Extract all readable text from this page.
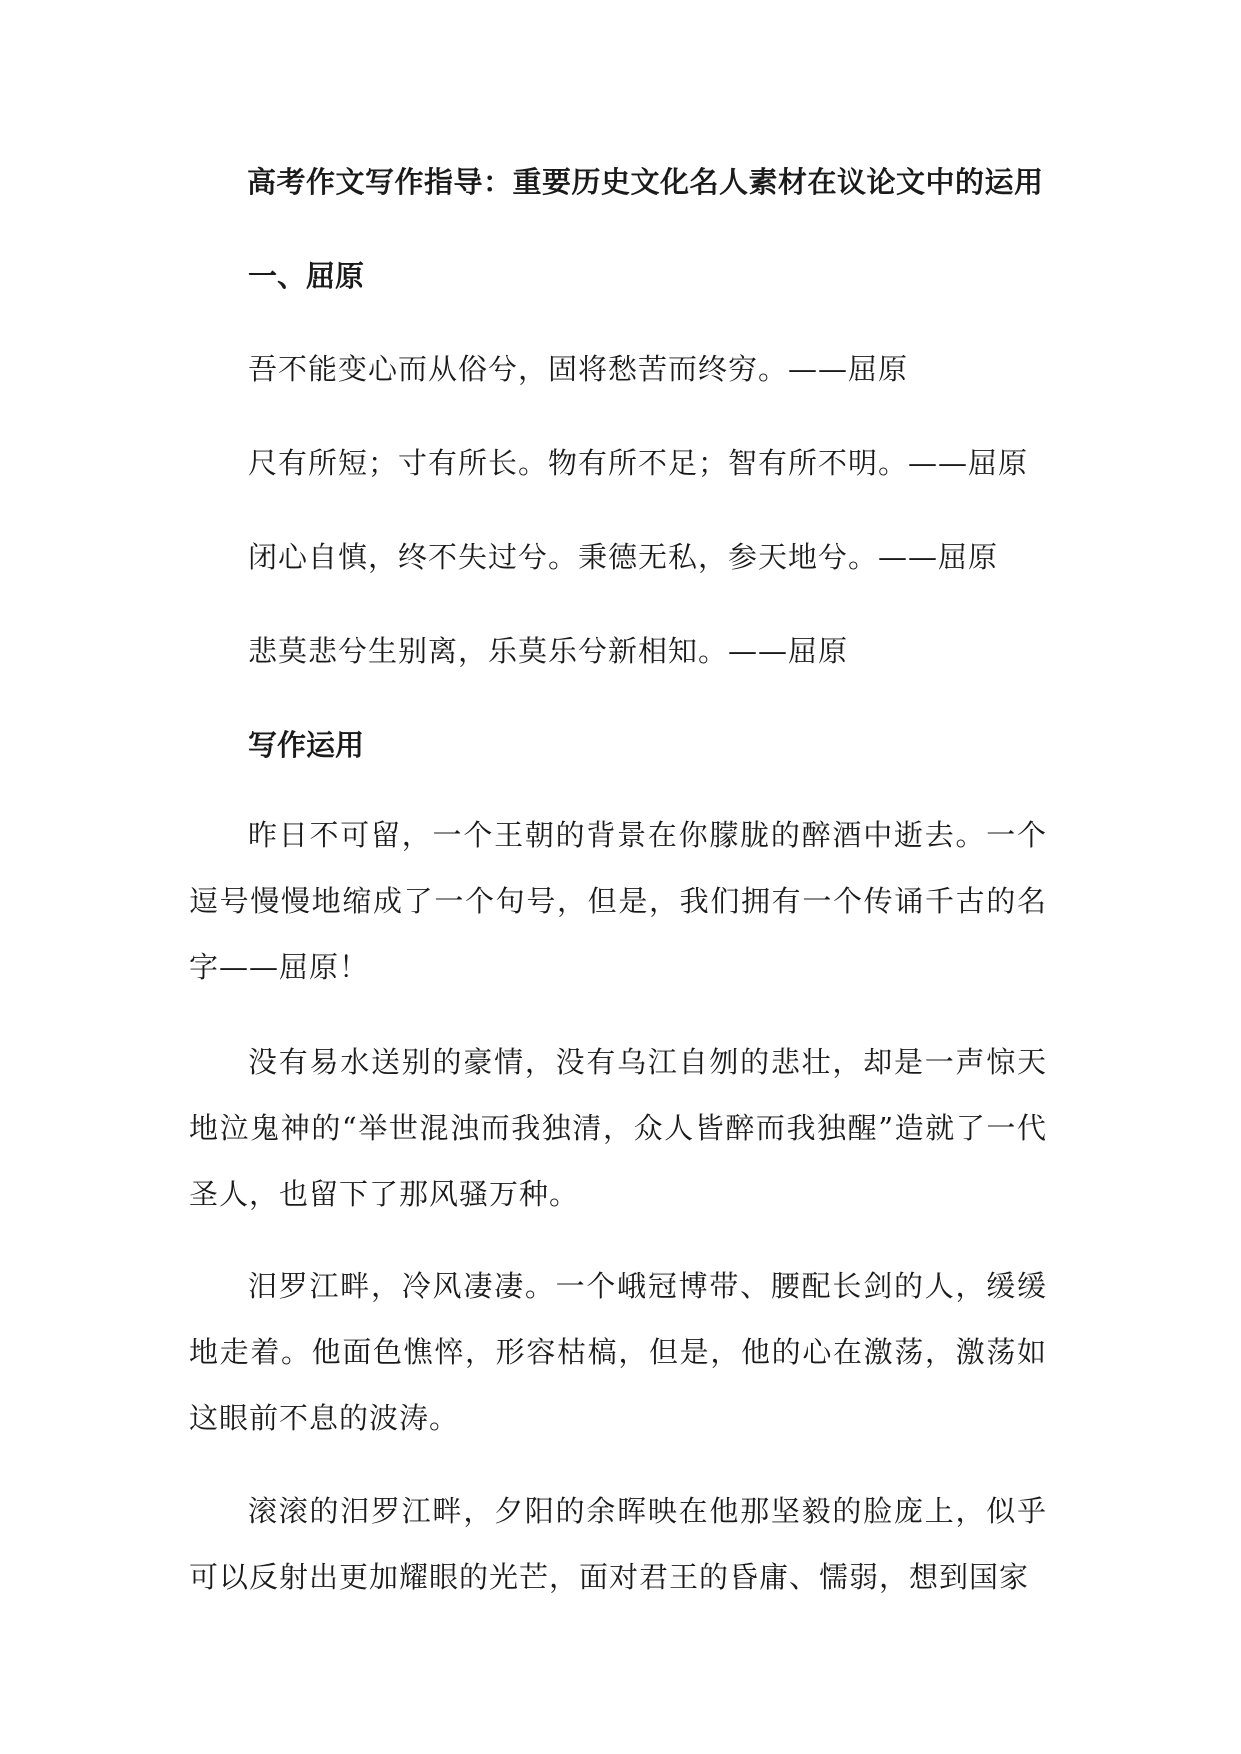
高考作文写作指导：重要历史文化名人素材在议论文中的运用
一、屈原
吾不能变心而从俗兮，固将愁苦而终穷。——屈原
尺有所短；寸有所长。物有所不足；智有所不明。——屈原
闭心自慎，终不失过兮。秉德无私，参天地兮。——屈原
悲莫悲兮生别离，乐莫乐兮新相知。——屈原
写作运用

昨日不可留，一个王朝的背景在你朦胧的醉酒中逝去。一个逗号慢慢地缩成了一个句号，但是，我们拥有一个传诵千古的名字——屈原！

没有易水送别的豪情，没有乌江自刎的悲壮，却是一声惊天地泣鬼神的“举世混浊而我独清，众人皆醉而我独醒”造就了一代圣人，也留下了那风骚万种。

汨罗江畔，冷风凄凄。一个峨冠博带、腰配长剑的人，缓缓地走着。他面色憔悴，形容枯槁，但是，他的心在激荡，激荡如这眼前不息的波涛。

滚滚的汨罗江畔，夕阳的余晖映在他那坚毅的脸庞上，似乎可以反射出更加耀眼的光芒，面对君王的昏庸、懦弱，想到国家
